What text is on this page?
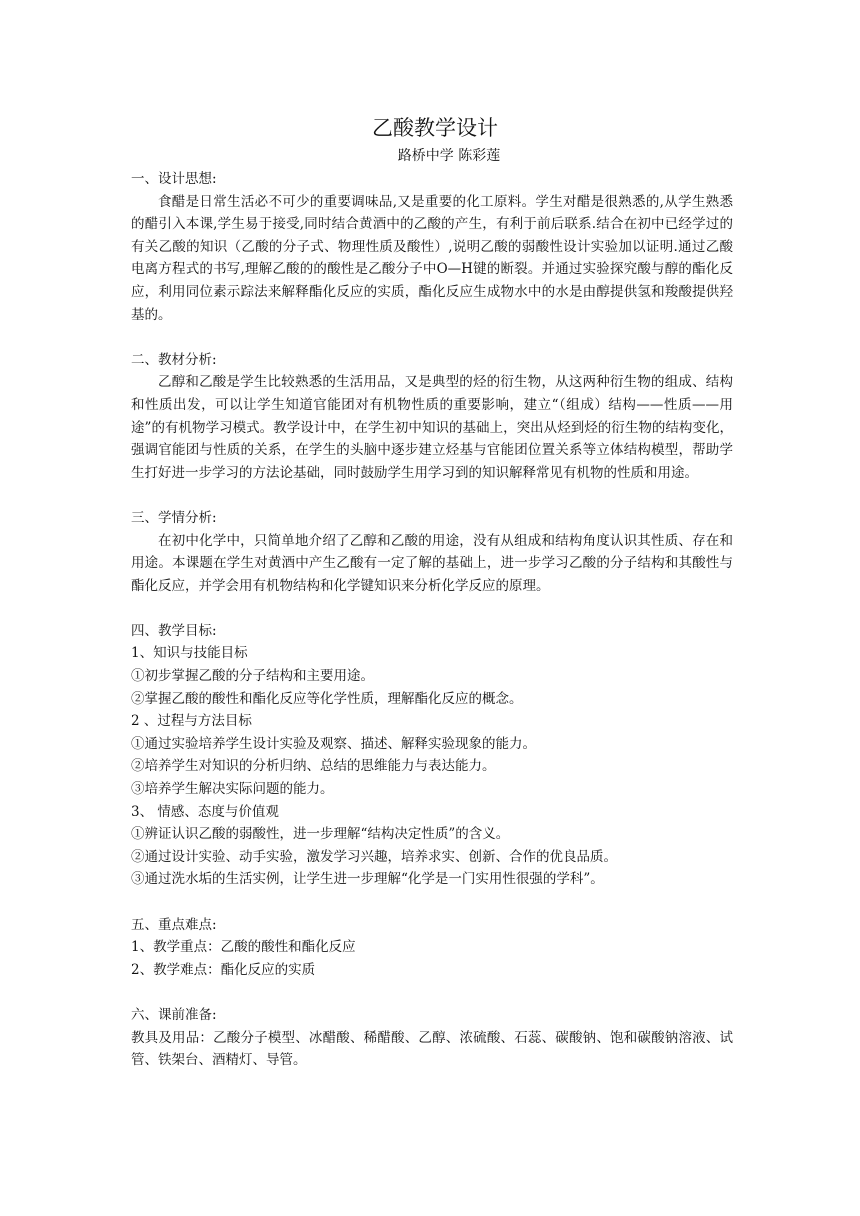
乙酸教学设计

路桥中学 陈彩莲

一、设计思想:

食醋是日常生活必不可少的重要调味品,又是重要的化工原料。学生对醋是很熟悉的,从学生熟悉的醋引入本课,学生易于接受,同时结合黄酒中的乙酸的产生，有利于前后联系.结合在初中已经学过的有关乙酸的知识（乙酸的分子式、物理性质及酸性）,说明乙酸的弱酸性设计实验加以证明.通过乙酸电离方程式的书写,理解乙酸的的酸性是乙酸分子中O—H键的断裂。并通过实验探究酸与醇的酯化反应，利用同位素示踪法来解释酯化反应的实质，酯化反应生成物水中的水是由醇提供氢和羧酸提供羟基的。

二、教材分析:

乙醇和乙酸是学生比较熟悉的生活用品，又是典型的烃的衍生物，从这两种衍生物的组成、结构和性质出发，可以让学生知道官能团对有机物性质的重要影响，建立“（组成）结构——性质——用途”的有机物学习模式。教学设计中，在学生初中知识的基础上，突出从烃到烃的衍生物的结构变化，强调官能团与性质的关系，在学生的头脑中逐步建立烃基与官能团位置关系等立体结构模型，帮助学生打好进一步学习的方法论基础，同时鼓励学生用学习到的知识解释常见有机物的性质和用途。

三、学情分析:

在初中化学中，只简单地介绍了乙醇和乙酸的用途，没有从组成和结构角度认识其性质、存在和用途。本课题在学生对黄酒中产生乙酸有一定了解的基础上，进一步学习乙酸的分子结构和其酸性与酯化反应，并学会用有机物结构和化学键知识来分析化学反应的原理。

四、教学目标:

1、知识与技能目标

①初步掌握乙酸的分子结构和主要用途。

②掌握乙酸的酸性和酯化反应等化学性质，理解酯化反应的概念。

2 、过程与方法目标

①通过实验培养学生设计实验及观察、描述、解释实验现象的能力。

②培养学生对知识的分析归纳、总结的思维能力与表达能力。

③培养学生解决实际问题的能力。

3、 情感、态度与价值观

①辨证认识乙酸的弱酸性，进一步理解“结构决定性质”的含义。

②通过设计实验、动手实验，激发学习兴趣，培养求实、创新、合作的优良品质。

③通过洗水垢的生活实例，让学生进一步理解“化学是一门实用性很强的学科”。

五、重点难点:

1、教学重点：乙酸的酸性和酯化反应

2、教学难点：酯化反应的实质

六、课前准备:

教具及用品：乙酸分子模型、冰醋酸、稀醋酸、乙醇、浓硫酸、石蕊、碳酸钠、饱和碳酸钠溶液、试管、铁架台、酒精灯、导管。
